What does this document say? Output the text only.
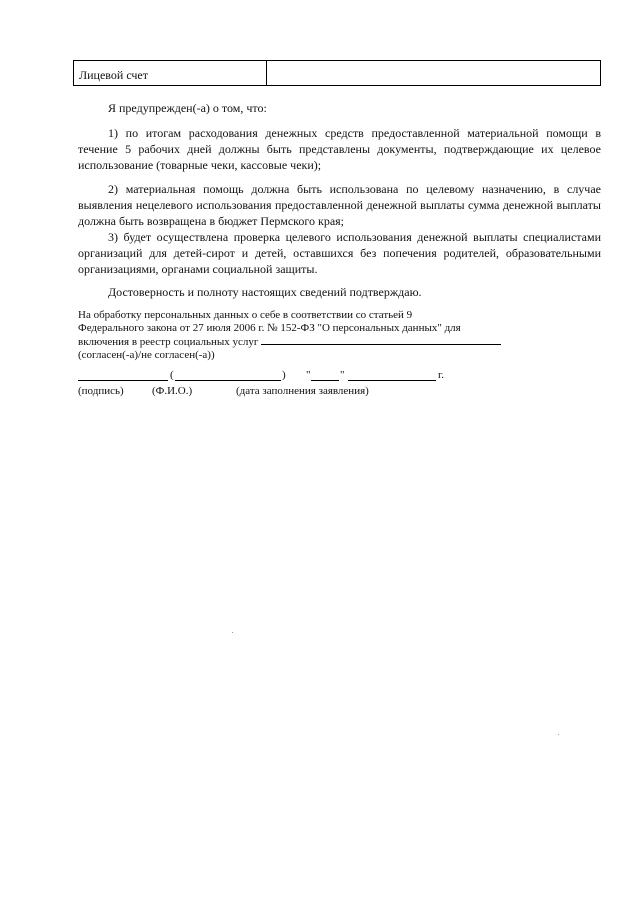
Лицевой счет

Я предупрежден(-а) о том, что:

1) по итогам расходования денежных средств предоставленной материальной помощи в течение 5 рабочих дней должны быть представлены документы, подтверждающие их целевое использование (товарные чеки, кассовые чеки);

2) материальная помощь должна быть использована по целевому назначению, в случае выявления нецелевого использования предоставленной денежной выплаты сумма денежной выплаты должна быть возвращена в бюджет Пермского края;

3) будет осуществлена проверка целевого использования денежной выплаты специалистами организаций для детей-сирот и детей, оставшихся без попечения родителей, образовательными организациями, органами социальной защиты.

Достоверность и полноту настоящих сведений подтверждаю.

На обработку персональных данных о себе в соответствии со статьей 9
Федерального закона от 27 июля 2006 г. № 152-ФЗ "О персональных данных" для
включения в реестр социальных услуг
(согласен(-а)/не согласен(-а))
(	) "	"	г.
(подпись)	(Ф.И.О.)	(дата заполнения заявления)
